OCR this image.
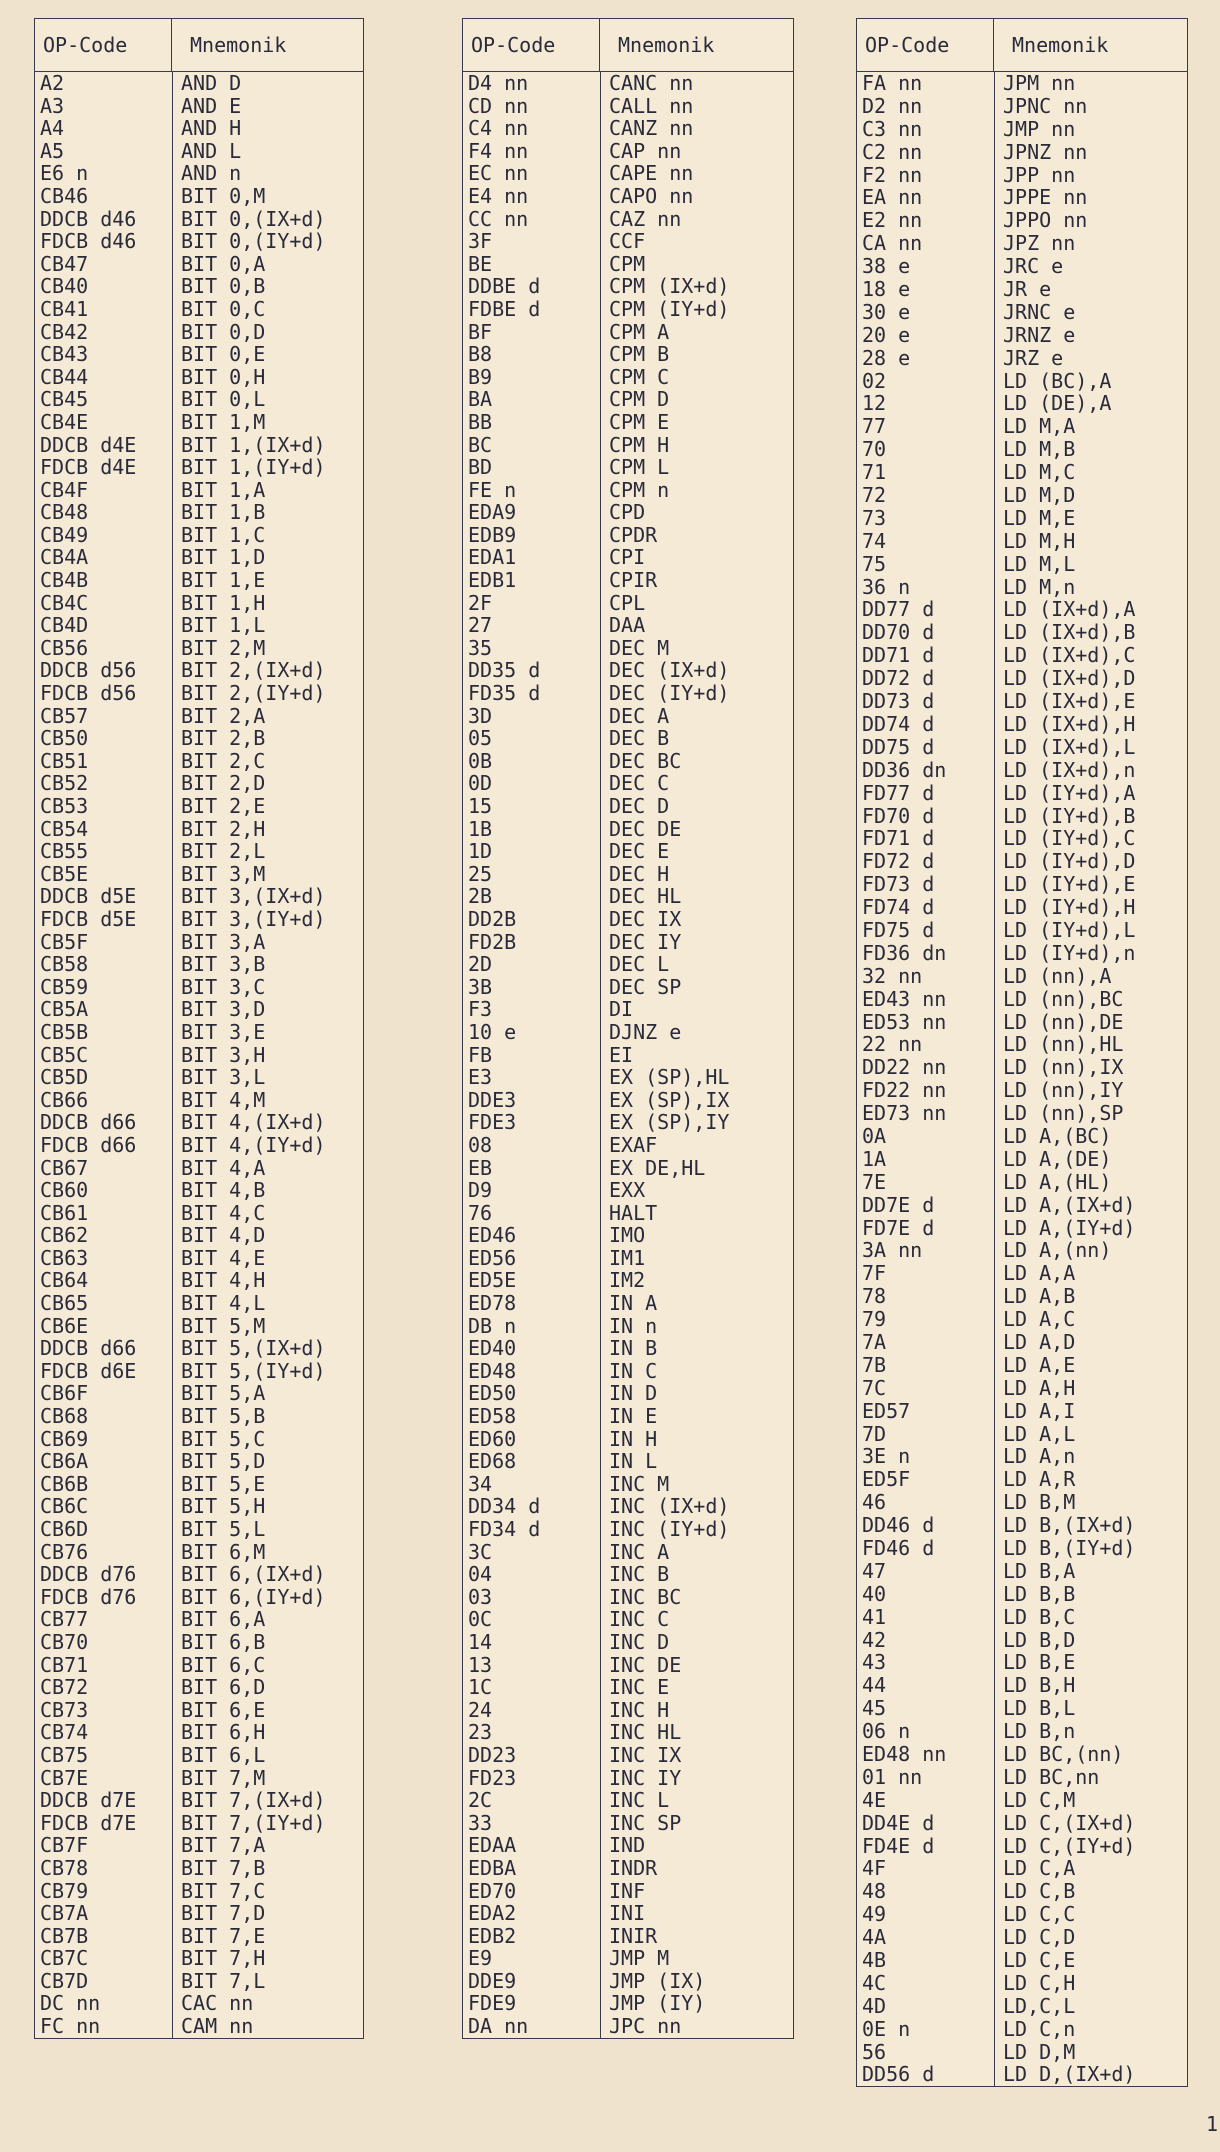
OP-Code	Mnemonik
A2	AND D
A3	AND E
A4	AND H
A5	AND L
E6 n	AND n
CB46	BIT 0,M
DDCB d46	BIT 0,(IX+d)
FDCB d46	BIT 0,(IY+d)
CB47	BIT 0,A
CB40	BIT 0,B
CB41	BIT 0,C
CB42	BIT 0,D
CB43	BIT 0,E
CB44	BIT 0,H
CB45	BIT 0,L
CB4E	BIT 1,M
DDCB d4E	BIT 1,(IX+d)
FDCB d4E	BIT 1,(IY+d)
CB4F	BIT 1,A
CB48	BIT 1,B
CB49	BIT 1,C
CB4A	BIT 1,D
CB4B	BIT 1,E
CB4C	BIT 1,H
CB4D	BIT 1,L
CB56	BIT 2,M
DDCB d56	BIT 2,(IX+d)
FDCB d56	BIT 2,(IY+d)
CB57	BIT 2,A
CB50	BIT 2,B
CB51	BIT 2,C
CB52	BIT 2,D
CB53	BIT 2,E
CB54	BIT 2,H
CB55	BIT 2,L
CB5E	BIT 3,M
DDCB d5E	BIT 3,(IX+d)
FDCB d5E	BIT 3,(IY+d)
CB5F	BIT 3,A
CB58	BIT 3,B
CB59	BIT 3,C
CB5A	BIT 3,D
CB5B	BIT 3,E
CB5C	BIT 3,H
CB5D	BIT 3,L
CB66	BIT 4,M
DDCB d66	BIT 4,(IX+d)
FDCB d66	BIT 4,(IY+d)
CB67	BIT 4,A
CB60	BIT 4,B
CB61	BIT 4,C
CB62	BIT 4,D
CB63	BIT 4,E
CB64	BIT 4,H
CB65	BIT 4,L
CB6E	BIT 5,M
DDCB d66	BIT 5,(IX+d)
FDCB d6E	BIT 5,(IY+d)
CB6F	BIT 5,A
CB68	BIT 5,B
CB69	BIT 5,C
CB6A	BIT 5,D
CB6B	BIT 5,E
CB6C	BIT 5,H
CB6D	BIT 5,L
CB76	BIT 6,M
DDCB d76	BIT 6,(IX+d)
FDCB d76	BIT 6,(IY+d)
CB77	BIT 6,A
CB70	BIT 6,B
CB71	BIT 6,C
CB72	BIT 6,D
CB73	BIT 6,E
CB74	BIT 6,H
CB75	BIT 6,L
CB7E	BIT 7,M
DDCB d7E	BIT 7,(IX+d)
FDCB d7E	BIT 7,(IY+d)
CB7F	BIT 7,A
CB78	BIT 7,B
CB79	BIT 7,C
CB7A	BIT 7,D
CB7B	BIT 7,E
CB7C	BIT 7,H
CB7D	BIT 7,L
DC nn	CAC nn
FC nn	CAM nn
OP-Code	Mnemonik
D4 nn	CANC nn
CD nn	CALL nn
C4 nn	CANZ nn
F4 nn	CAP nn
EC nn	CAPE nn
E4 nn	CAPO nn
CC nn	CAZ nn
3F	CCF
BE	CPM
DDBE d	CPM (IX+d)
FDBE d	CPM (IY+d)
BF	CPM A
B8	CPM B
B9	CPM C
BA	CPM D
BB	CPM E
BC	CPM H
BD	CPM L
FE n	CPM n
EDA9	CPD
EDB9	CPDR
EDA1	CPI
EDB1	CPIR
2F	CPL
27	DAA
35	DEC M
DD35 d	DEC (IX+d)
FD35 d	DEC (IY+d)
3D	DEC A
05	DEC B
0B	DEC BC
0D	DEC C
15	DEC D
1B	DEC DE
1D	DEC E
25	DEC H
2B	DEC HL
DD2B	DEC IX
FD2B	DEC IY
2D	DEC L
3B	DEC SP
F3	DI
10 e	DJNZ e
FB	EI
E3	EX (SP),HL
DDE3	EX (SP),IX
FDE3	EX (SP),IY
08	EXAF
EB	EX DE,HL
D9	EXX
76	HALT
ED46	IMO
ED56	IM1
ED5E	IM2
ED78	IN A
DB n	IN n
ED40	IN B
ED48	IN C
ED50	IN D
ED58	IN E
ED60	IN H
ED68	IN L
34	INC M
DD34 d	INC (IX+d)
FD34 d	INC (IY+d)
3C	INC A
04	INC B
03	INC BC
0C	INC C
14	INC D
13	INC DE
1C	INC E
24	INC H
23	INC HL
DD23	INC IX
FD23	INC IY
2C	INC L
33	INC SP
EDAA	IND
EDBA	INDR
ED70	INF
EDA2	INI
EDB2	INIR
E9	JMP M
DDE9	JMP (IX)
FDE9	JMP (IY)
DA nn	JPC nn
OP-Code	Mnemonik
FA nn	JPM nn
D2 nn	JPNC nn
C3 nn	JMP nn
C2 nn	JPNZ nn
F2 nn	JPP nn
EA nn	JPPE nn
E2 nn	JPPO nn
CA nn	JPZ nn
38 e	JRC e
18 e	JR e
30 e	JRNC e
20 e	JRNZ e
28 e	JRZ e
02	LD (BC),A
12	LD (DE),A
77	LD M,A
70	LD M,B
71	LD M,C
72	LD M,D
73	LD M,E
74	LD M,H
75	LD M,L
36 n	LD M,n
DD77 d	LD (IX+d),A
DD70 d	LD (IX+d),B
DD71 d	LD (IX+d),C
DD72 d	LD (IX+d),D
DD73 d	LD (IX+d),E
DD74 d	LD (IX+d),H
DD75 d	LD (IX+d),L
DD36 dn	LD (IX+d),n
FD77 d	LD (IY+d),A
FD70 d	LD (IY+d),B
FD71 d	LD (IY+d),C
FD72 d	LD (IY+d),D
FD73 d	LD (IY+d),E
FD74 d	LD (IY+d),H
FD75 d	LD (IY+d),L
FD36 dn	LD (IY+d),n
32 nn	LD (nn),A
ED43 nn	LD (nn),BC
ED53 nn	LD (nn),DE
22 nn	LD (nn),HL
DD22 nn	LD (nn),IX
FD22 nn	LD (nn),IY
ED73 nn	LD (nn),SP
0A	LD A,(BC)
1A	LD A,(DE)
7E	LD A,(HL)
DD7E d	LD A,(IX+d)
FD7E d	LD A,(IY+d)
3A nn	LD A,(nn)
7F	LD A,A
78	LD A,B
79	LD A,C
7A	LD A,D
7B	LD A,E
7C	LD A,H
ED57	LD A,I
7D	LD A,L
3E n	LD A,n
ED5F	LD A,R
46	LD B,M
DD46 d	LD B,(IX+d)
FD46 d	LD B,(IY+d)
47	LD B,A
40	LD B,B
41	LD B,C
42	LD B,D
43	LD B,E
44	LD B,H
45	LD B,L
06 n	LD B,n
ED48 nn	LD BC,(nn)
01 nn	LD BC,nn
4E	LD C,M
DD4E d	LD C,(IX+d)
FD4E d	LD C,(IY+d)
4F	LD C,A
48	LD C,B
49	LD C,C
4A	LD C,D
4B	LD C,E
4C	LD C,H
4D	LD,C,L
0E n	LD C,n
56	LD D,M
DD56 d	LD D,(IX+d)
1
